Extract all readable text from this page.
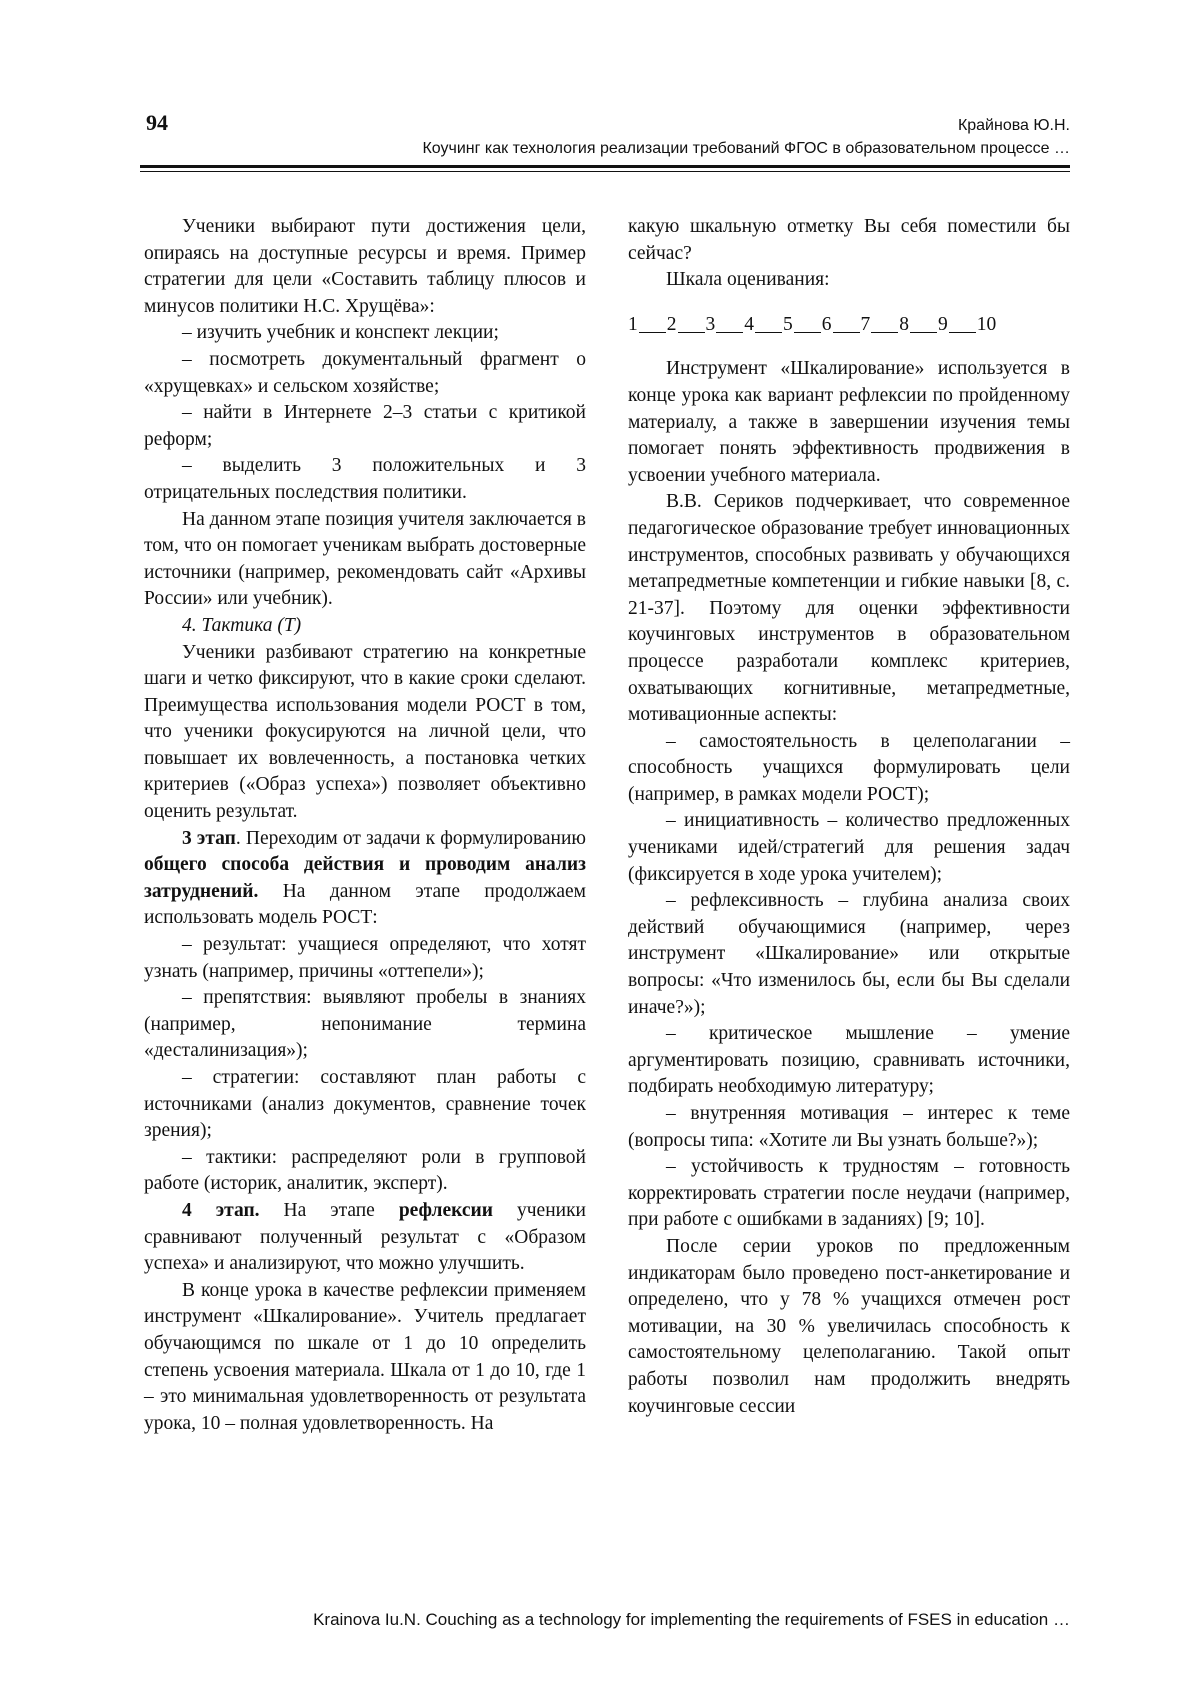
94	Крайнова Ю.Н.
Коучинг как технология реализации требований ФГОС в образовательном процессе …

Ученики выбирают пути достижения цели, опираясь на доступные ресурсы и время. Пример стратегии для цели «Составить таблицу плюсов и минусов политики Н.С. Хрущёва»:

– изучить учебник и конспект лекции;

– посмотреть документальный фрагмент о «хрущевках» и сельском хозяйстве;

– найти в Интернете 2–3 статьи с критикой реформ;

– выделить 3 положительных и 3 отрицательных последствия политики.

На данном этапе позиция учителя заключается в том, что он помогает ученикам выбрать достоверные источники (например, рекомендовать сайт «Архивы России» или учебник).

4. Тактика (T)

Ученики разбивают стратегию на конкретные шаги и четко фиксируют, что в какие сроки сделают. Преимущества использования модели РОСТ в том, что ученики фокусируются на личной цели, что повышает их вовлеченность, а постановка четких критериев («Образ успеха») позволяет объективно оценить результат.

3 этап. Переходим от задачи к формулированию общего способа действия и проводим анализ затруднений. На данном этапе продолжаем использовать модель РОСТ:

– результат: учащиеся определяют, что хотят узнать (например, причины «оттепели»);

– препятствия: выявляют пробелы в знаниях (например, непонимание термина «десталинизация»);

– стратегии: составляют план работы с источниками (анализ документов, сравнение точек зрения);

– тактики: распределяют роли в групповой работе (историк, аналитик, эксперт).

4 этап. На этапе рефлексии ученики сравнивают полученный результат с «Образом успеха» и анализируют, что можно улучшить.

В конце урока в качестве рефлексии применяем инструмент «Шкалирование». Учитель предлагает обучающимся по шкале от 1 до 10 определить степень усвоения материала. Шкала от 1 до 10, где 1 – это минимальная удовлетворенность от результата урока, 10 – полная удовлетворенность. На

какую шкальную отметку Вы себя поместили бы сейчас?

Шкала оценивания:

1 2 3 4 5 6 7 8 9 10

Инструмент «Шкалирование» используется в конце урока как вариант рефлексии по пройденному материалу, а также в завершении изучения темы помогает понять эффективность продвижения в усвоении учебного материала.

В.В. Сериков подчеркивает, что современное педагогическое образование требует инновационных инструментов, способных развивать у обучающихся метапредметные компетенции и гибкие навыки [8, с. 21-37]. Поэтому для оценки эффективности коучинговых инструментов в образовательном процессе разработали комплекс критериев, охватывающих когнитивные, метапредметные, мотивационные аспекты:

– самостоятельность в целеполагании – способность учащихся формулировать цели (например, в рамках модели РОСТ);

– инициативность – количество предложенных учениками идей/стратегий для решения задач (фиксируется в ходе урока учителем);

– рефлексивность – глубина анализа своих действий обучающимися (например, через инструмент «Шкалирование» или открытые вопросы: «Что изменилось бы, если бы Вы сделали иначе?»);

– критическое мышление – умение аргументировать позицию, сравнивать источники, подбирать необходимую литературу;

– внутренняя мотивация – интерес к теме (вопросы типа: «Хотите ли Вы узнать больше?»);

– устойчивость к трудностям – готовность корректировать стратегии после неудачи (например, при работе с ошибками в заданиях) [9; 10].

После серии уроков по предложенным индикаторам было проведено пост-анкетирование и определено, что у 78 % учащихся отмечен рост мотивации, на 30 % увеличилась способность к самостоятельному целеполаганию. Такой опыт работы позволил нам продолжить внедрять коучинговые сессии

Krainova Iu.N. Couching as a technology for implementing the requirements of FSES in education …
